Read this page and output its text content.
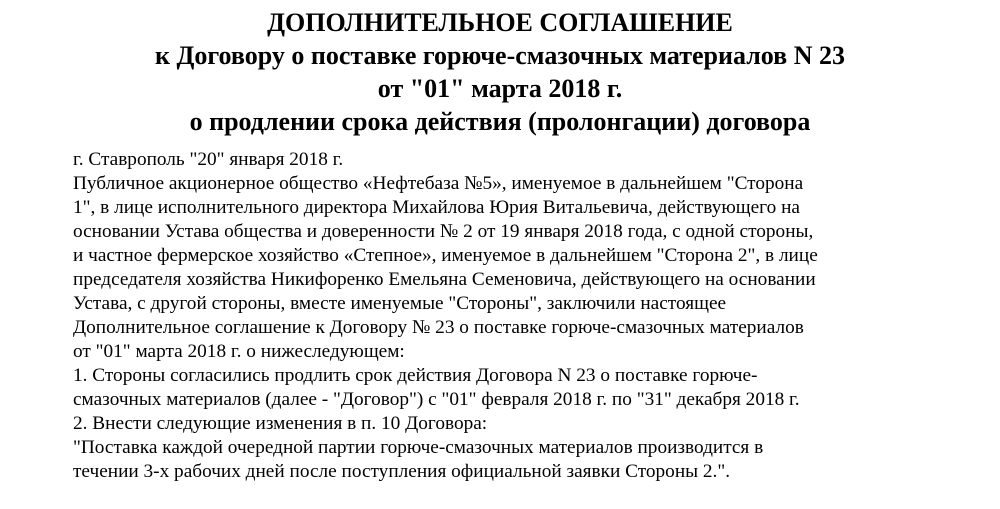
ДОПОЛНИТЕЛЬНОЕ СОГЛАШЕНИЕ
к Договору о поставке горюче-смазочных материалов N 23
от "01" марта 2018 г.
о продлении срока действия (пролонгации) договора
г. Ставрополь "20" января 2018 г.
Публичное акционерное общество «Нефтебаза №5», именуемое в дальнейшем "Сторона
1", в лице исполнительного директора Михайлова Юрия Витальевича, действующего на
основании Устава общества и доверенности № 2 от 19 января 2018 года, с одной стороны,
и частное фермерское хозяйство «Степное», именуемое в дальнейшем "Сторона 2", в лице
председателя хозяйства Никифоренко Емельяна Семеновича, действующего на основании
Устава, с другой стороны, вместе именуемые "Стороны", заключили настоящее
Дополнительное соглашение к Договору № 23 о поставке горюче-смазочных материалов
от "01" марта 2018 г. о нижеследующем:
1. Стороны согласились продлить срок действия Договора N 23 о поставке горюче-
смазочных материалов (далее - "Договор") с "01" февраля 2018 г. по "31" декабря 2018 г.
2. Внести следующие изменения в п. 10 Договора:
"Поставка каждой очередной партии горюче-смазочных материалов производится в
течении 3-х рабочих дней после поступления официальной заявки Стороны 2.".
